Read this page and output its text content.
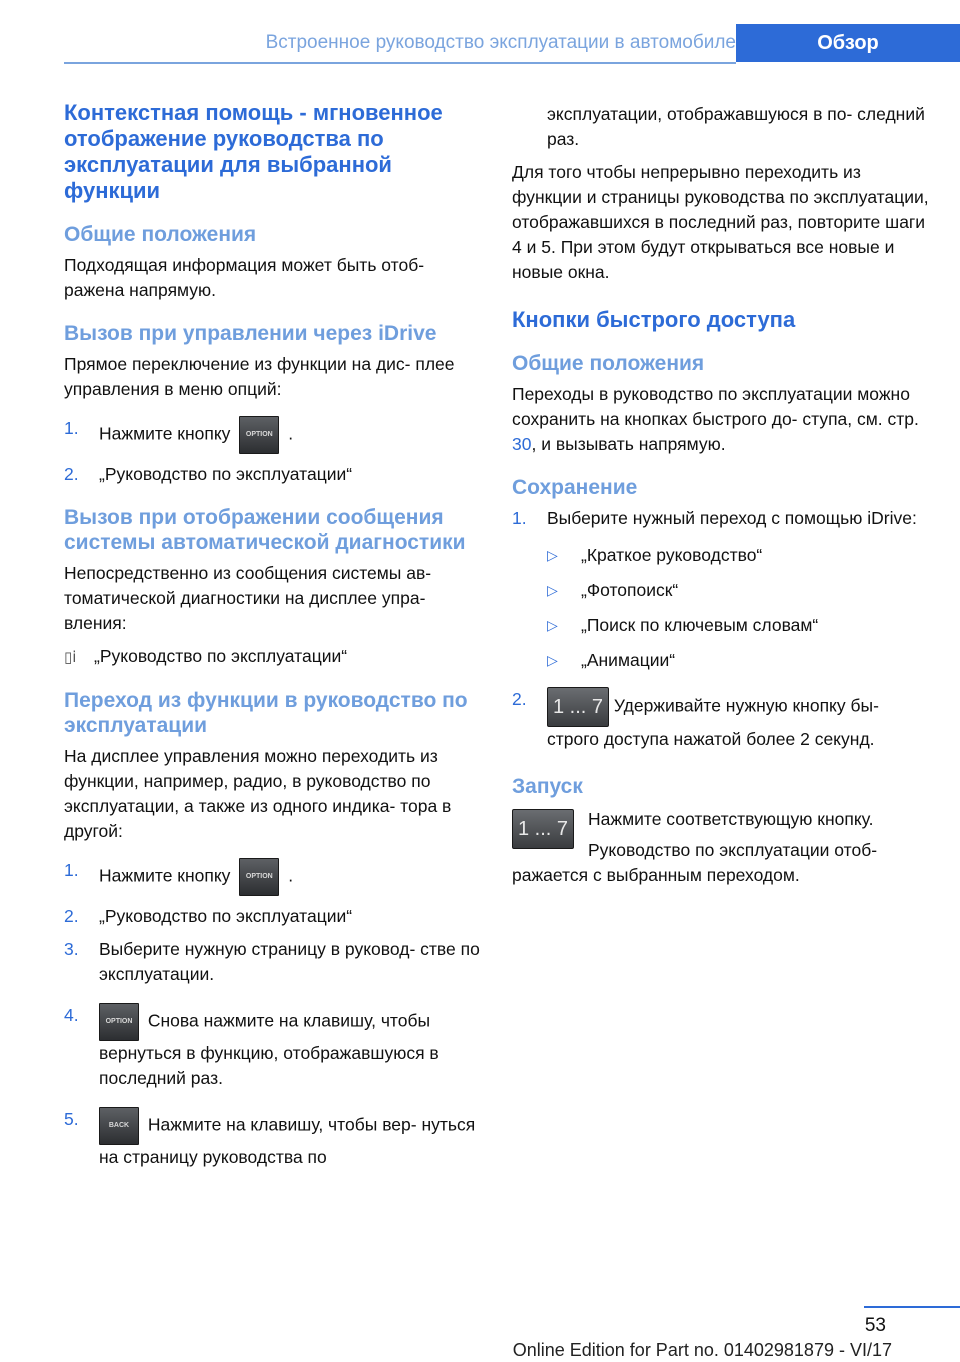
Встроенное руководство эксплуатации в автомобиле	Обзор
Контекстная помощь - мгновенное отображение руководства по эксплуатации для выбранной функции
Общие положения
Подходящая информация может быть отоб‐ ражена напрямую.
Вызов при управлении через iDrive
Прямое переключение из функции на дис‐ плее управления в меню опций:
1. Нажмите кнопку OPTION .
2. „Руководство по эксплуатации“
Вызов при отображении сообщения системы автоматической диагностики
Непосредственно из сообщения системы ав‐ томатической диагностики на дисплее упра‐ вления:
▯ⅰ „Руководство по эксплуатации“
Переход из функции в руководство по эксплуатации
На дисплее управления можно переходить из функции, например, радио, в руководство по эксплуатации, а также из одного индика‐ тора в другой:
1. Нажмите кнопку OPTION .
2. „Руководство по эксплуатации“
3. Выберите нужную страницу в руковод‐ стве по эксплуатации.
4.	OPTION Снова нажмите на клавишу, чтобы вернуться в функцию, отображавшуюся в последний раз.
5.	BACK Нажмите на клавишу, чтобы вер‐ нуться на страницу руководства по
эксплуатации, отображавшуюся в по‐ следний раз.
Для того чтобы непрерывно переходить из функции и страницы руководства по эксплуатации, отображавшихся в последний раз, повторите шаги 4 и 5. При этом будут открываться все новые и новые окна.
Кнопки быстрого доступа
Общие положения
Переходы в руководство по эксплуатации можно сохранить на кнопках быстрого до‐ ступа, см. стр. 30, и вызывать напрямую.
Сохранение
1. Выберите нужный переход с помощью iDrive:
▷ „Краткое руководство“
▷ „Фотопоиск“
▷ „Поиск по ключевым словам“
▷ „Анимации“
2. 1 ... 7 Удерживайте нужную кнопку бы‐ строго доступа нажатой более 2 секунд.
Запуск
1 ... 7	Нажмите соответствующую кнопку.
Руководство по эксплуатации отоб‐ ражается с выбранным переходом.
53
Online Edition for Part no. 01402981879 - VI/17
